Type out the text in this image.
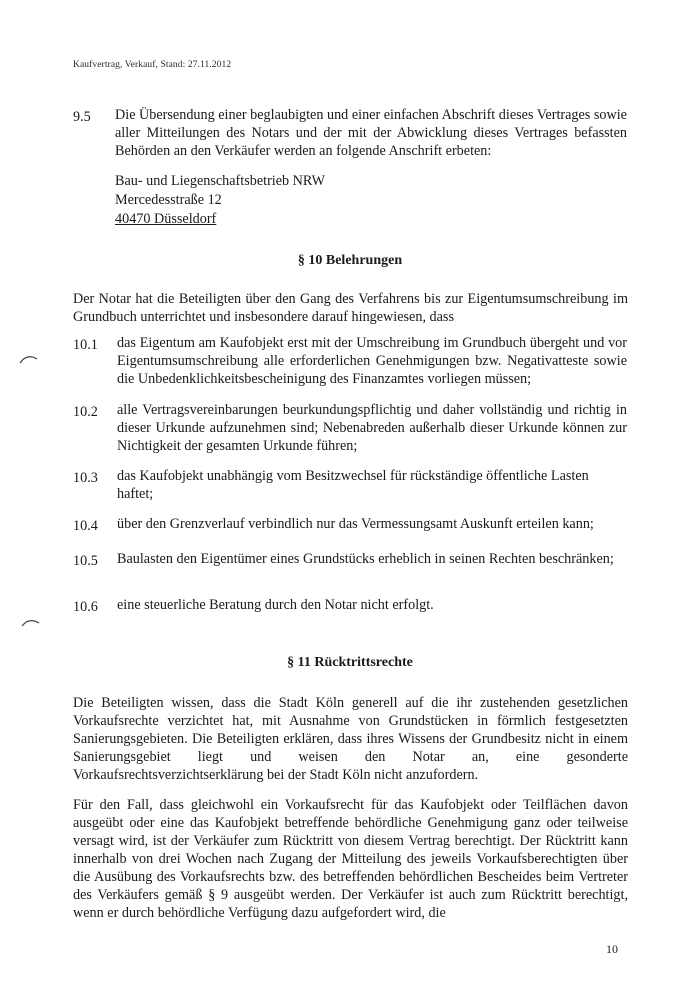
Kaufvertrag, Verkauf, Stand: 27.11.2012
9.5 Die Übersendung einer beglaubigten und einer einfachen Abschrift dieses Vertrages sowie aller Mitteilungen des Notars und der mit der Abwicklung dieses Vertrages befassten Behörden an den Verkäufer werden an folgende Anschrift erbeten:
Bau- und Liegenschaftsbetrieb NRW
Mercedesstraße 12
40470 Düsseldorf
§ 10 Belehrungen
Der Notar hat die Beteiligten über den Gang des Verfahrens bis zur Eigentumsumschreibung im Grundbuch unterrichtet und insbesondere darauf hingewiesen, dass
10.1 das Eigentum am Kaufobjekt erst mit der Umschreibung im Grundbuch übergeht und vor Eigentumsumschreibung alle erforderlichen Genehmigungen bzw. Negativatteste sowie die Unbedenklichkeitsbescheinigung des Finanzamtes vorliegen müssen;
10.2 alle Vertragsvereinbarungen beurkundungspflichtig und daher vollständig und richtig in dieser Urkunde aufzunehmen sind; Nebenabreden außerhalb dieser Urkunde können zur Nichtigkeit der gesamten Urkunde führen;
10.3 das Kaufobjekt unabhängig vom Besitzwechsel für rückständige öffentliche Lasten haftet;
10.4 über den Grenzverlauf verbindlich nur das Vermessungsamt Auskunft erteilen kann;
10.5 Baulasten den Eigentümer eines Grundstücks erheblich in seinen Rechten beschränken;
10.6 eine steuerliche Beratung durch den Notar nicht erfolgt.
§ 11 Rücktrittsrechte
Die Beteiligten wissen, dass die Stadt Köln generell auf die ihr zustehenden gesetzlichen Vorkaufsrechte verzichtet hat, mit Ausnahme von Grundstücken in förmlich festgesetzten Sanierungsgebieten. Die Beteiligten erklären, dass ihres Wissens der Grundbesitz nicht in einem Sanierungsgebiet liegt und weisen den Notar an, eine gesonderte Vorkaufsrechtsverzichtserklärung bei der Stadt Köln nicht anzufordern.
Für den Fall, dass gleichwohl ein Vorkaufsrecht für das Kaufobjekt oder Teilflächen davon ausgeübt oder eine das Kaufobjekt betreffende behördliche Genehmigung ganz oder teilweise versagt wird, ist der Verkäufer zum Rücktritt von diesem Vertrag berechtigt. Der Rücktritt kann innerhalb von drei Wochen nach Zugang der Mitteilung des jeweils Vorkaufsberechtigten über die Ausübung des Vorkaufsrechts bzw. des betreffenden behördlichen Bescheides beim Vertreter des Verkäufers gemäß § 9 ausgeübt werden. Der Verkäufer ist auch zum Rücktritt berechtigt, wenn er durch behördliche Verfügung dazu aufgefordert wird, die
10
